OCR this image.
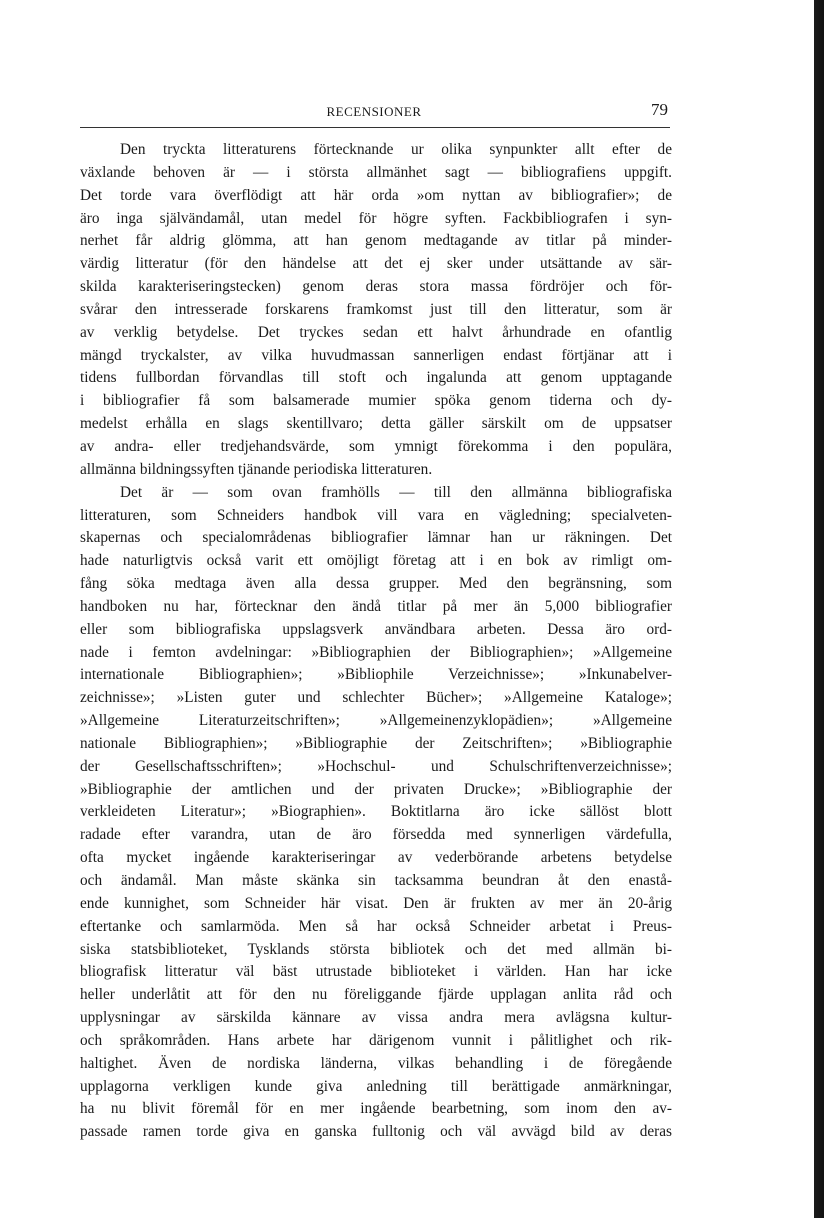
RECENSIONER	79
Den tryckta litteraturens förtecknande ur olika synpunkter allt efter de
växlande behoven är — i största allmänhet sagt — bibliografiens uppgift.
Det torde vara överflödigt att här orda »om nyttan av bibliografier»; de
äro inga självändamål, utan medel för högre syften. Fackbibliografen i syn-
nerhet får aldrig glömma, att han genom medtagande av titlar på minder-
värdig litteratur (för den händelse att det ej sker under utsättande av sär-
skilda karakteriseringstecken) genom deras stora massa fördröjer och för-
svårar den intresserade forskarens framkomst just till den litteratur, som är
av verklig betydelse. Det tryckes sedan ett halvt århundrade en ofantlig
mängd tryckalster, av vilka huvudmassan sannerligen endast förtjänar att i
tidens fullbordan förvandlas till stoft och ingalunda att genom upptagande
i bibliografier få som balsamerade mumier spöka genom tiderna och dy-
medelst erhålla en slags skentillvaro; detta gäller särskilt om de uppsatser
av andra- eller tredjehandsvärde, som ymnigt förekomma i den populära,
allmänna bildningssyften tjänande periodiska litteraturen.
Det är — som ovan framhölls — till den allmänna bibliografiska
litteraturen, som Schneiders handbok vill vara en vägledning; specialveten-
skapernas och specialområdenas bibliografier lämnar han ur räkningen. Det
hade naturligtvis också varit ett omöjligt företag att i en bok av rimligt om-
fång söka medtaga även alla dessa grupper. Med den begränsning, som
handboken nu har, förtecknar den ändå titlar på mer än 5,000 bibliografier
eller som bibliografiska uppslagsverk användbara arbeten. Dessa äro ord-
nade i femton avdelningar: »Bibliographien der Bibliographien»; »Allgemeine
internationale Bibliographien»; »Bibliophile Verzeichnisse»; »Inkunabelver-
zeichnisse»; »Listen guter und schlechter Bücher»; »Allgemeine Kataloge»;
»Allgemeine Literaturzeitschriften»; »Allgemeinenzyklopädien»; »Allgemeine
nationale Bibliographien»; »Bibliographie der Zeitschriften»; »Bibliographie
der Gesellschaftsschriften»; »Hochschul- und Schulschriftenverzeichnisse»;
»Bibliographie der amtlichen und der privaten Drucke»; »Bibliographie der
verkleideten Literatur»; »Biographien». Boktitlarna äro icke sällöst blott
radade efter varandra, utan de äro försedda med synnerligen värdefulla,
ofta mycket ingående karakteriseringar av vederbörande arbetens betydelse
och ändamål. Man måste skänka sin tacksamma beundran åt den enastå-
ende kunnighet, som Schneider här visat. Den är frukten av mer än 20-årig
eftertanke och samlarmöda. Men så har också Schneider arbetat i Preus-
siska statsbiblioteket, Tysklands största bibliotek och det med allmän bi-
bliografisk litteratur väl bäst utrustade biblioteket i världen. Han har icke
heller underlåtit att för den nu föreliggande fjärde upplagan anlita råd och
upplysningar av särskilda kännare av vissa andra mera avlägsna kultur-
och språkområden. Hans arbete har därigenom vunnit i pålitlighet och rik-
haltighet. Även de nordiska länderna, vilkas behandling i de föregående
upplagorna verkligen kunde giva anledning till berättigade anmärkningar,
ha nu blivit föremål för en mer ingående bearbetning, som inom den av-
passade ramen torde giva en ganska fulltonig och väl avvägd bild av deras
